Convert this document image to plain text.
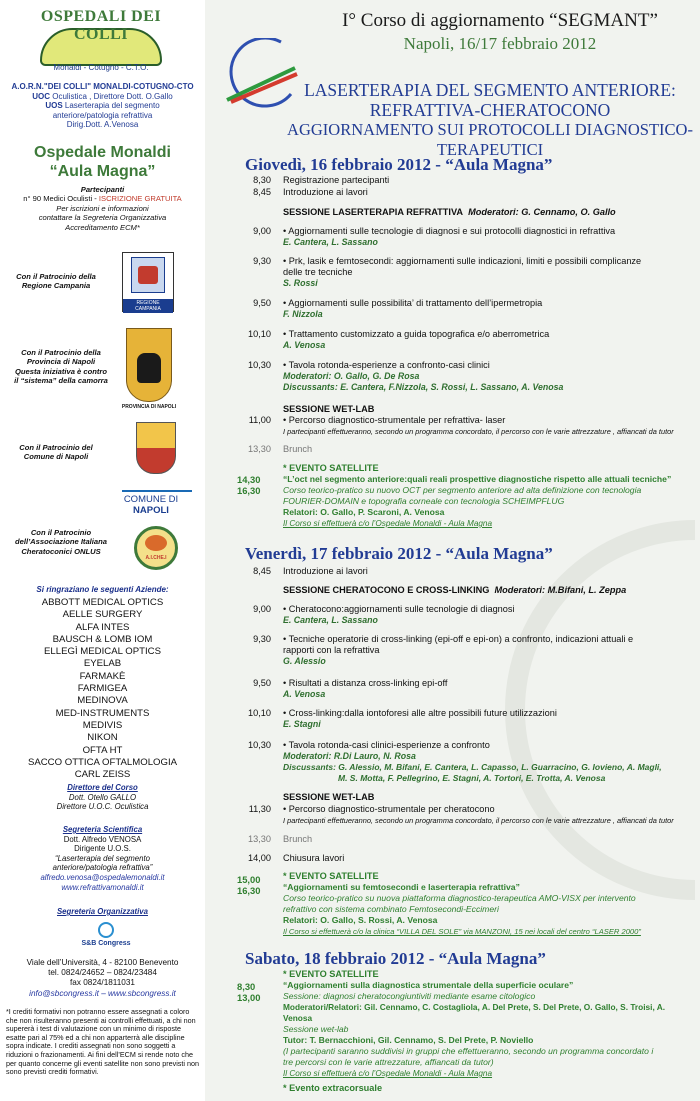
OSPEDALI DEI COLLI
Monaldi - Cotugno - C.T.O.
A.O.R.N."DEI COLLI" MONALDI-COTUGNO-CTO
UOC Oculistica , Direttore Dott. O.Gallo
UOS Laserterapia del segmento
anteriore/patologia refrattiva
Dirig.Dott. A.Venosa
Ospedale Monaldi
“Aula Magna”
Partecipanti
n° 90 Medici Oculisti - ISCRIZIONE GRATUITA
Per iscrizioni e informazioni
contattare la Segreteria Organizzativa
Accreditamento ECM*
Con il Patrocinio della
Regione Campania
REGIONE CAMPANIA
Con il Patrocinio della
Provincia di Napoli
Questa iniziativa è contro
il “sistema” della camorra
PROVINCIA DI NAPOLI
Con il Patrocinio del
Comune di Napoli
COMUNE DI NAPOLI
Con il Patrocinio
dell’Associazione Italiana
Cheratoconici ONLUS
A.I.CHE.I
Si ringraziano le seguenti Aziende:
ABBOTT MEDICAL OPTICS
AELLE SURGERY
ALFA INTES
BAUSCH & LOMB IOM
ELLEGÌ MEDICAL OPTICS
EYELAB
FARMAKÈ
FARMIGEA
MEDINOVA
MED-INSTRUMENTS
MEDIVIS
NIKON
OFTA HT
SACCO OTTICA OFTALMOLOGIA
CARL ZEISS
Direttore del Corso
Dott. Otello GALLO
Direttore U.O.C. Oculistica
Segreteria Scientifica
Dott. Alfredo VENOSA
Dirigente U.O.S.
“Laserterapia del segmento
anteriore/patologia refrattiva”
alfredo.venosa@ospedalemonaldi.it
www.refrattivamonaldi.it
Segreteria Organizzativa
S&B Congress
Viale dell’Università, 4 - 82100 Benevento
tel. 0824/24652 – 0824/23484
fax 0824/1811031
info@sbcongress.it – www.sbcongress.it
*I crediti formativi non potranno essere assegnati a coloro che non risulteranno presenti ai controlli effettuati, a chi non supererà i test di valutazione con un minimo di risposte esatte pari al 75% ed a chi non apparterrà alle discipline sopra indicate. I crediti assegnati non sono soggetti a riduzioni o frazionamenti. Ai fini dell’ECM si rende noto che per quanto concerne gli eventi satellite non sono previsti non sono previsti crediti formativi.
I° Corso di aggiornamento “SEGMANT”
Napoli, 16/17 febbraio 2012
LASERTERAPIA DEL SEGMENTO ANTERIORE:
REFRATTIVA-CHERATOCONO
AGGIORNAMENTO SUI PROTOCOLLI DIAGNOSTICO-TERAPEUTICI
Giovedì, 16 febbraio 2012 - “Aula Magna”
8,30 Registrazione partecipanti
8,45 Introduzione ai lavori
SESSIONE LASERTERAPIA REFRATTIVA Moderatori: G. Cennamo, O. Gallo
9,00	• Aggiornamenti sulle tecnologie di diagnosi e sui protocolli diagnostici in refrattiva
E. Cantera, L. Sassano
9,30	• Prk, lasik e femtosecondi: aggiornamenti sulle indicazioni, limiti e possibili complicanze
delle tre tecniche
S. Rossi
9,50	• Aggiornamenti sulle possibilita’ di trattamento dell’ipermetropia
F. Nizzola
10,10	• Trattamento customizzato a guida topografica e/o aberrometrica
A. Venosa
10,30	• Tavola rotonda-esperienze a confronto-casi clinici
Moderatori: O. Gallo, G. De Rosa
Discussants: E. Cantera, F.Nizzola, S. Rossi, L. Sassano, A. Venosa
SESSIONE WET-LAB
11,00	• Percorso diagnostico-strumentale per refrattiva- laser
I partecipanti effettueranno, secondo un programma concordato, il percorso con le varie attrezzature , affiancati da tutor
13,30 Brunch
14,30
16,30
* EVENTO SATELLITE
“L’oct nel segmento anteriore:quali reali prospettive diagnostiche rispetto alle attuali tecniche”
Corso teorico-pratico su nuovo OCT per segmento anteriore ad alta definizione con tecnologia
FOURIER-DOMAIN e topografia corneale con tecnologia SCHEIMPFLUG
Relatori: O. Gallo, P. Scaroni, A. Venosa
Il Corso si effettuerà c/o l’Ospedale Monaldi - Aula Magna
Venerdì, 17 febbraio 2012 - “Aula Magna”
8,45 Introduzione ai lavori
SESSIONE CHERATOCONO E CROSS-LINKING Moderatori: M.Bifani, L. Zeppa
9,00	• Cheratocono:aggiornamenti sulle tecnologie di diagnosi
E. Cantera, L. Sassano
9,30	• Tecniche operatorie di cross-linking (epi-off e epi-on) a confronto, indicazioni attuali e
rapporti con la refrattiva
G. Alessio
9,50	• Risultati a distanza cross-linking epi-off
A. Venosa
10,10	• Cross-linking:dalla iontoforesi alle altre possibili future utilizzazioni
E. Stagni
10,30	• Tavola rotonda-casi clinici-esperienze a confronto
Moderatori: R.Di Lauro, N. Rosa
Discussants: G. Alessio, M. Bifani, E. Cantera, L. Capasso, L. Guarracino, G. Iovieno, A. Magli,
M. S. Motta, F. Pellegrino, E. Stagni, A. Tortori, E. Trotta, A. Venosa
SESSIONE WET-LAB
11,30	• Percorso diagnostico-strumentale per cheratocono
I partecipanti effettueranno, secondo un programma concordato, il percorso con le varie attrezzature , affiancati da tutor
13,30 Brunch
14,00 Chiusura lavori
15,00
16,30
* EVENTO SATELLITE
“Aggiornamenti su femtosecondi e laserterapia refrattiva”
Corso teorico-pratico su nuova piattaforma diagnostico-terapeutica AMO-VISX per intervento
refrattivo con sistema combinato Femtosecondi-Eccimeri
Relatori: O. Gallo, S. Rossi, A. Venosa
Il Corso si effettuerà c/o la clinica “VILLA DEL SOLE” via MANZONI, 15 nei locali del centro “LASER 2000”
Sabato, 18 febbraio 2012 - “Aula Magna”
8,30
13,00
* EVENTO SATELLITE
“Aggiornamenti sulla diagnostica strumentale della superficie oculare”
Sessione: diagnosi cheratocongiuntiviti mediante esame citologico
Moderatori/Relatori: Gil. Cennamo, C. Costagliola, A. Del Prete, S. Del Prete, O. Gallo, S. Troisi, A. Venosa
Sessione wet-lab
Tutor: T. Bernacchioni, Gil. Cennamo, S. Del Prete, P. Noviello
(I partecipanti saranno suddivisi in gruppi che effettueranno, secondo un programma concordato i
tre percorsi con le varie attrezzature, affiancati da tutor)
Il Corso si effettuerà c/o l’Ospedale Monaldi - Aula Magna
* Evento extracorsuale
